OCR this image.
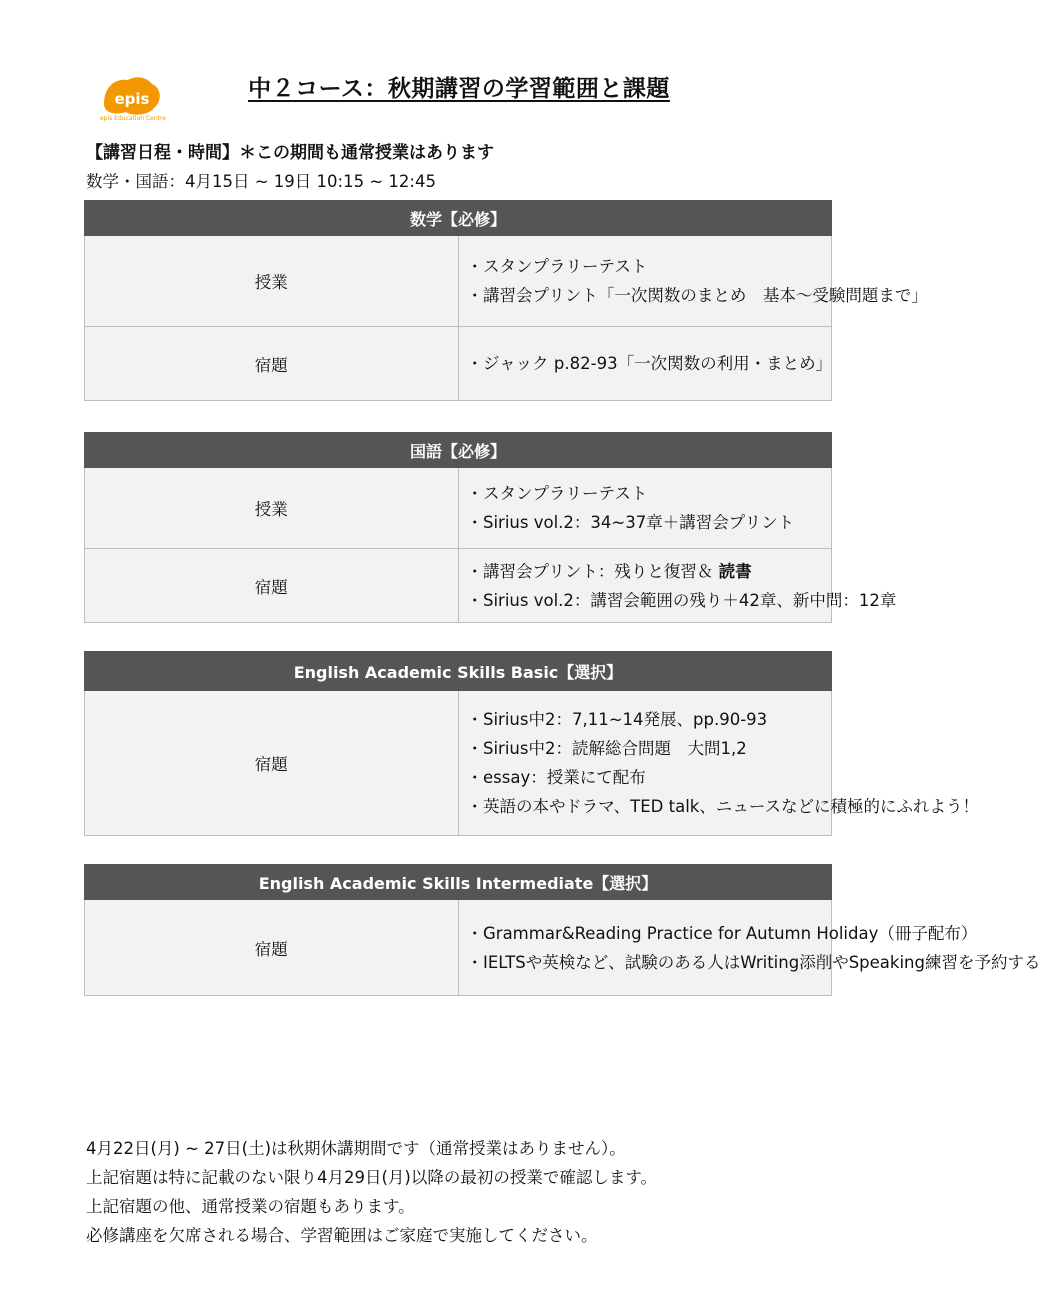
epis
epis Education Centre
中２コース：秋期講習の学習範囲と課題
【講習日程・時間】＊この期間も通常授業はあります
数学・国語：4月15日 ~ 19日 10:15 ~ 12:45
数学【必修】	
授業	・スタンプラリーテスト
・講習会プリント「一次関数のまとめ　基本〜受験問題まで」

宿題	・ジャック p.82-93「一次関数の利用・まとめ」
国語【必修】	
授業	・スタンプラリーテスト
・Sirius vol.2：34~37章＋講習会プリント

宿題	・講習会プリント：残りと復習＆ 読書
・Sirius vol.2：講習会範囲の残り＋42章、新中問：12章
English Academic Skills Basic【選択】
宿題	
・Sirius中2：7,11~14発展、pp.90-93
・Sirius中2：読解総合問題　大問1,2
・essay：授業にて配布
・英語の本やドラマ、TED talk、ニュースなどに積極的にふれよう！
English Academic Skills Intermediate【選択】
宿題	
・Grammar&Reading Practice for Autumn Holiday（冊子配布）
・IELTSや英検など、試験のある人はWriting添削やSpeaking練習を予約する
4月22日(月) ~ 27日(土)は秋期休講期間です（通常授業はありません）。
上記宿題は特に記載のない限り4月29日(月)以降の最初の授業で確認します。
上記宿題の他、通常授業の宿題もあります。
必修講座を欠席される場合、学習範囲はご家庭で実施してください。
